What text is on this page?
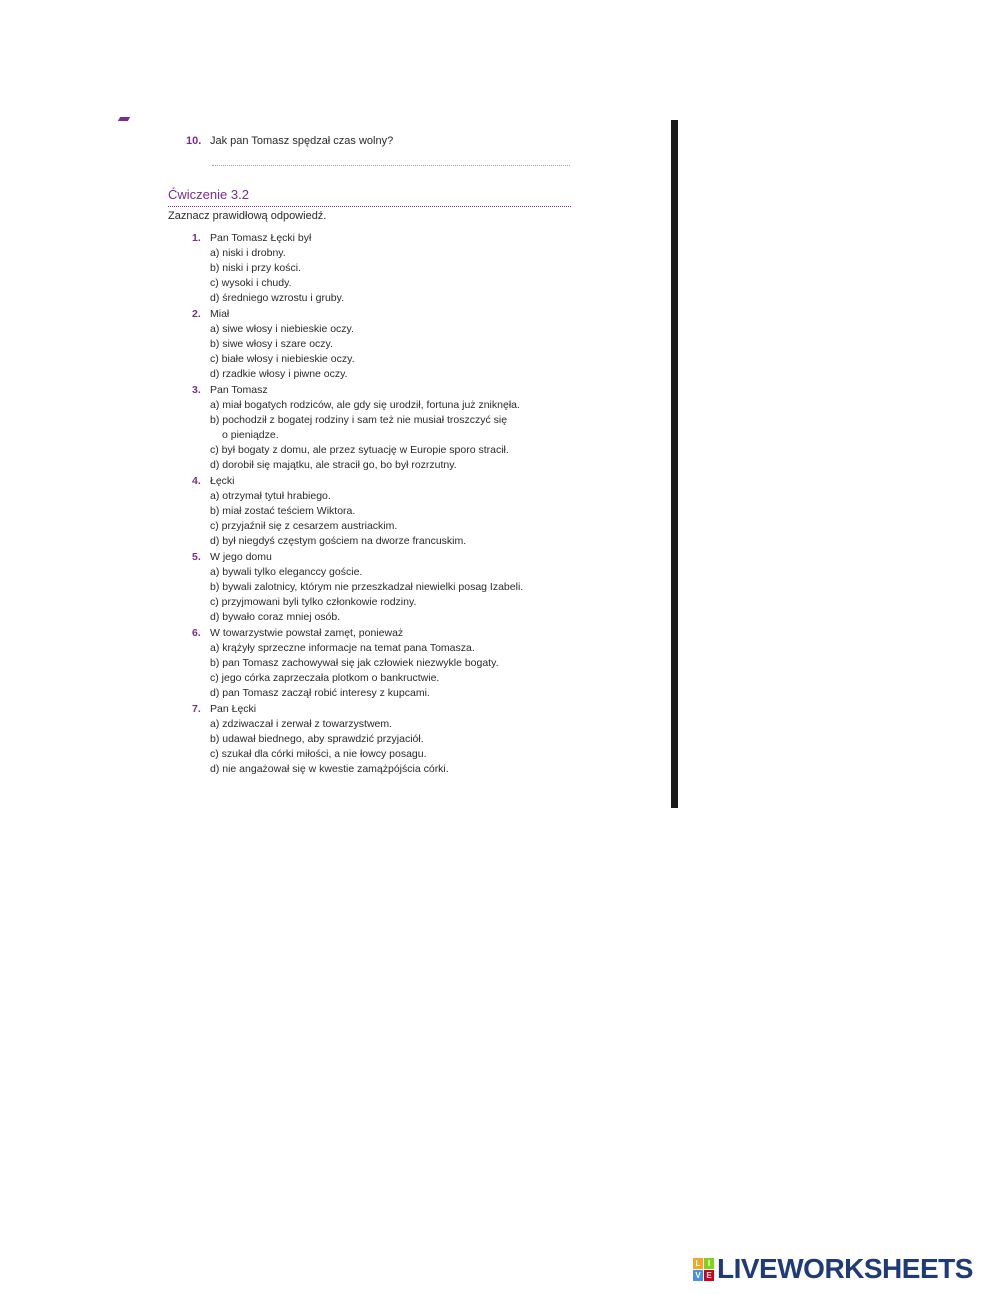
10. Jak pan Tomasz spędzał czas wolny?
Ćwiczenie 3.2
Zaznacz prawidłową odpowiedź.
1. Pan Tomasz Łęcki był
a) niski i drobny.
b) niski i przy kości.
c) wysoki i chudy.
d) średniego wzrostu i gruby.
2. Miał
a) siwe włosy i niebieskie oczy.
b) siwe włosy i szare oczy.
c) białe włosy i niebieskie oczy.
d) rzadkie włosy i piwne oczy.
3. Pan Tomasz
a) miał bogatych rodziców, ale gdy się urodził, fortuna już zniknęła.
b) pochodził z bogatej rodziny i sam też nie musiał troszczyć się
o pieniądze.
c) był bogaty z domu, ale przez sytuację w Europie sporo stracił.
d) dorobił się majątku, ale stracił go, bo był rozrzutny.
4. Łęcki
a) otrzymał tytuł hrabiego.
b) miał zostać teściem Wiktora.
c) przyjaźnił się z cesarzem austriackim.
d) był niegdyś częstym gościem na dworze francuskim.
5. W jego domu
a) bywali tylko eleganccy goście.
b) bywali zalotnicy, którym nie przeszkadzał niewielki posag Izabeli.
c) przyjmowani byli tylko członkowie rodziny.
d) bywało coraz mniej osób.
6. W towarzystwie powstał zamęt, ponieważ
a) krążyły sprzeczne informacje na temat pana Tomasza.
b) pan Tomasz zachowywał się jak człowiek niezwykle bogaty.
c) jego córka zaprzeczała plotkom o bankructwie.
d) pan Tomasz zaczął robić interesy z kupcami.
7. Pan Łęcki
a) zdziwaczał i zerwał z towarzystwem.
b) udawał biednego, aby sprawdzić przyjaciół.
c) szukał dla córki miłości, a nie łowcy posagu.
d) nie angażował się w kwestie zamążpójścia córki.
L I
V E LIVEWORKSHEETS
